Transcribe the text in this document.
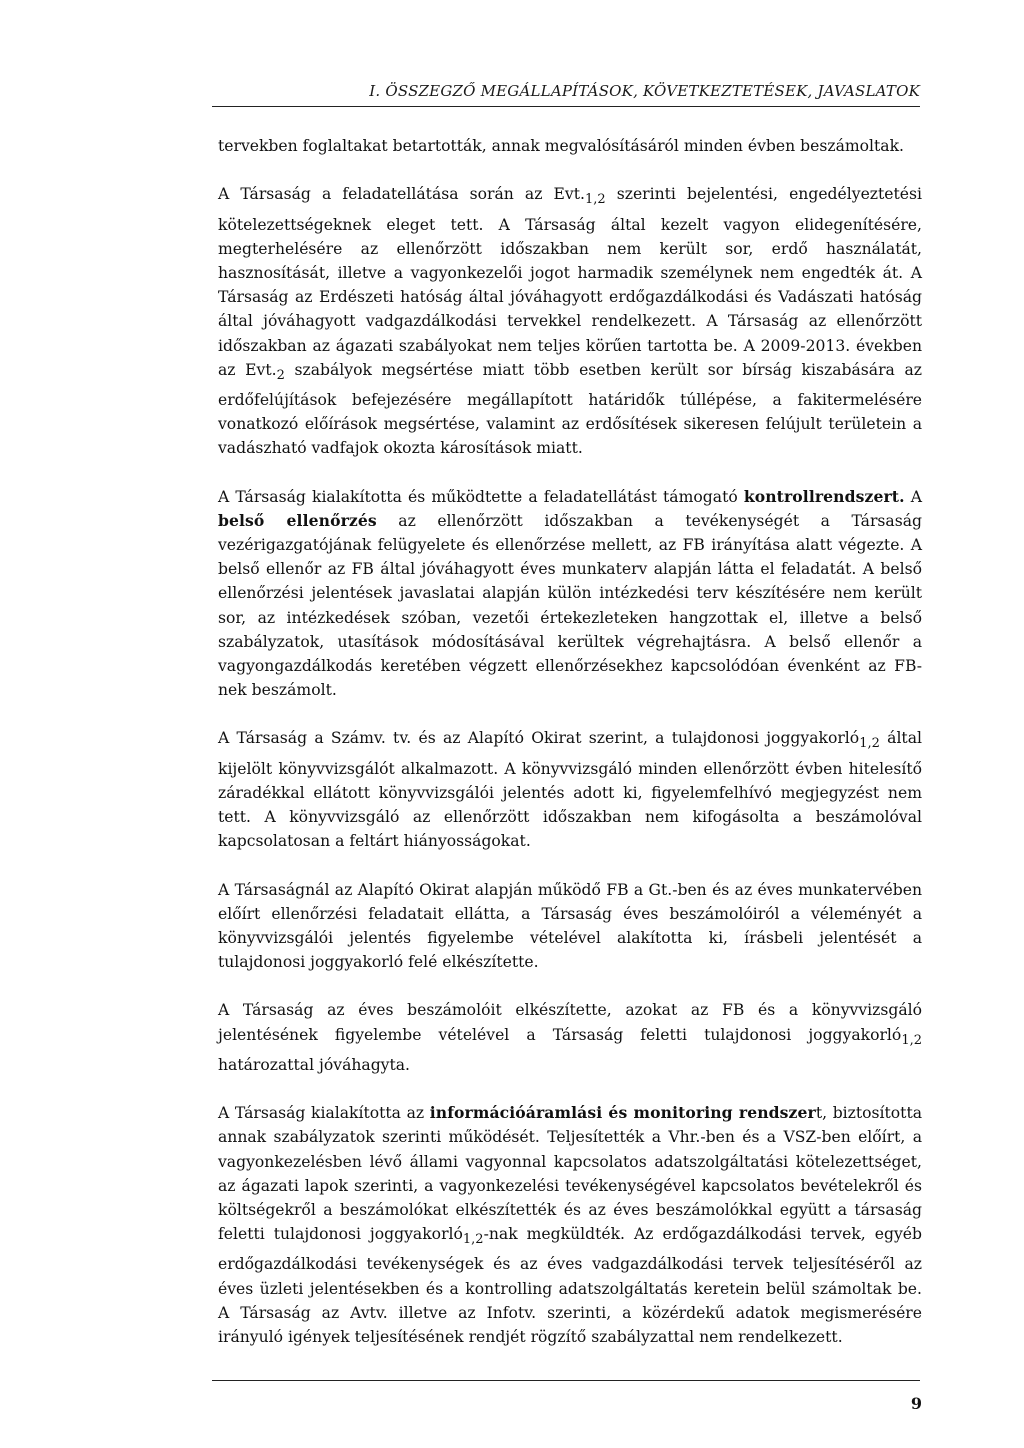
I. ÖSSZEGZŐ MEGÁLLAPÍTÁSOK, KÖVETKEZTETÉSEK, JAVASLATOK

tervekben foglaltakat betartották, annak megvalósításáról minden évben beszámoltak.

A Társaság a feladatellátása során az $Evt._{1,2}$ szerinti bejelentési, engedélyeztetési kötelezettségeknek eleget tett. A Társaság által kezelt vagyon elidegenítésére, megterhelésére az ellenőrzött időszakban nem került sor, erdő használatát, hasznosítását, illetve a vagyonkezelői jogot harmadik személynek nem engedték át. A Társaság az Erdészeti hatóság által jóváhagyott erdőgazdálkodási és Vadászati hatóság által jóváhagyott vadgazdálkodási tervekkel rendelkezett. A Társaság az ellenőrzött időszakban az ágazati szabályokat nem teljes körűen tartotta be. A 2009-2013. években az $Evt._2$ szabályok megsértése miatt több esetben került sor bírság kiszabására az erdőfelújítások befejezésére megállapított határidők túllépése, a fakitermelésére vonatkozó előírások megsértése, valamint az erdősítések sikeresen felújult területein a vadászható vadfajok okozta károsítások miatt.

A Társaság kialakította és működtette a feladatellátást támogató kontrollrendszert. A belső ellenőrzés az ellenőrzött időszakban a tevékenységét a Társaság vezérigazgatójának felügyelete és ellenőrzése mellett, az FB irányítása alatt végezte. A belső ellenőr az FB által jóváhagyott éves munkaterv alapján látta el feladatát. A belső ellenőrzési jelentések javaslatai alapján külön intézkedési terv készítésére nem került sor, az intézkedések szóban, vezetői értekezleteken hangzottak el, illetve a belső szabályzatok, utasítások módosításával kerültek végrehajtásra. A belső ellenőr a vagyongazdálkodás keretében végzett ellenőrzésekhez kapcsolódóan évenként az FB-nek beszámolt.

A Társaság a Számv. tv. és az Alapító Okirat szerint, a tulajdonosi joggyakorló$_{1,2}$ által kijelölt könyvvizsgálót alkalmazott. A könyvvizsgáló minden ellenőrzött évben hitelesítő záradékkal ellátott könyvvizsgálói jelentés adott ki, figyelemfelhívó megjegyzést nem tett. A könyvvizsgáló az ellenőrzött időszakban nem kifogásolta a beszámolóval kapcsolatosan a feltárt hiányosságokat.

A Társaságnál az Alapító Okirat alapján működő FB a Gt.-ben és az éves munkatervében előírt ellenőrzési feladatait ellátta, a Társaság éves beszámolóiról a véleményét a könyvvizsgálói jelentés figyelembe vételével alakította ki, írásbeli jelentését a tulajdonosi joggyakorló felé elkészítette.

A Társaság az éves beszámolóit elkészítette, azokat az FB és a könyvvizsgáló jelentésének figyelembe vételével a Társaság feletti tulajdonosi joggyakorló$_{1,2}$ határozattal jóváhagyta.

A Társaság kialakította az információáramlási és monitoring rendszert, biztosította annak szabályzatok szerinti működését. Teljesítették a Vhr.-ben és a VSZ-ben előírt, a vagyonkezelésben lévő állami vagyonnal kapcsolatos adatszolgáltatási kötelezettséget, az ágazati lapok szerinti, a vagyonkezelési tevékenységével kapcsolatos bevételekről és költségekről a beszámolókat elkészítették és az éves beszámolókkal együtt a társaság feletti tulajdonosi joggyakorló$_{1,2}$-nak megküldték. Az erdőgazdálkodási tervek, egyéb erdőgazdálkodási tevékenységek és az éves vadgazdálkodási tervek teljesítéséről az éves üzleti jelentésekben és a kontrolling adatszolgáltatás keretein belül számoltak be. A Társaság az Avtv. illetve az Infotv. szerinti, a közérdekű adatok megismerésére irányuló igények teljesítésének rendjét rögzítő szabályzattal nem rendelkezett.

9
